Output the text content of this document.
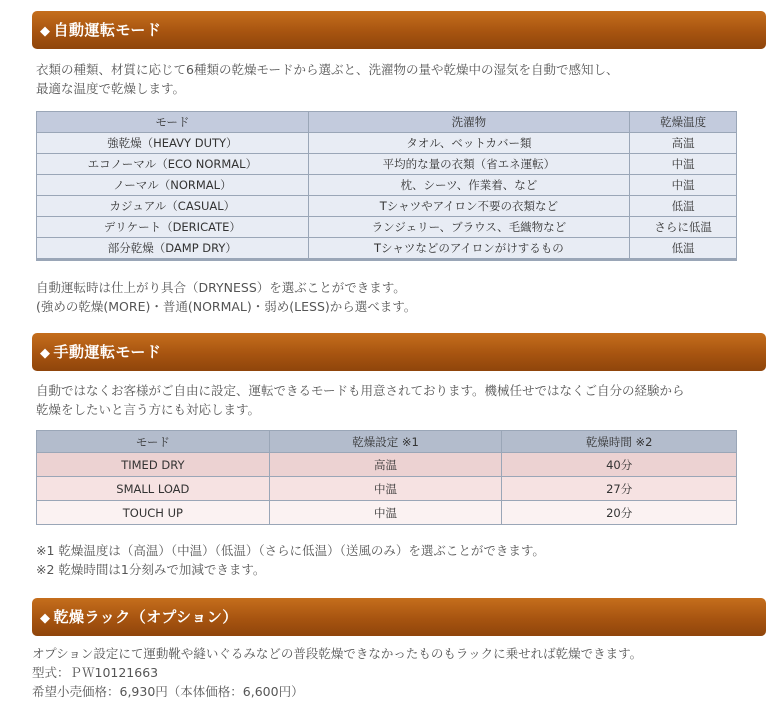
◆ 自動運転モード

衣類の種類、材質に応じて6種類の乾燥モードから選ぶと、洗濯物の量や乾燥中の湿気を自動で感知し、

最適な温度で乾燥します。

モード	洗濯物	乾燥温度
強乾燥（HEAVY DUTY）	タオル、ベットカバー類	高温
エコノーマル（ECO NORMAL）	平均的な量の衣類（省エネ運転）	中温
ノーマル（NORMAL）	枕、シーツ、作業着、など	中温
カジュアル（CASUAL）	Tシャツやアイロン不要の衣類など	低温
デリケート（DERICATE）	ランジェリー、ブラウス、毛織物など	さらに低温
部分乾燥（DAMP DRY）	Tシャツなどのアイロンがけするもの	低温

自動運転時は仕上がり具合（DRYNESS）を選ぶことができます。

(強めの乾燥(MORE)・普通(NORMAL)・弱め(LESS)から選べます。

◆ 手動運転モード

自動ではなくお客様がご自由に設定、運転できるモードも用意されております。機械任せではなくご自分の経験から

乾燥をしたいと言う方にも対応します。

モード	乾燥設定 ※1	乾燥時間 ※2
TIMED DRY	高温	40分
SMALL LOAD	中温	27分
TOUCH UP	中温	20分

※1 乾燥温度は（高温）（中温）（低温）（さらに低温）（送風のみ）を選ぶことができます。

※2 乾燥時間は1分刻みで加減できます。

◆ 乾燥ラック（オプション）

オプション設定にて運動靴や縫いぐるみなどの普段乾燥できなかったものもラックに乗せれば乾燥できます。

型式：ＰＷ10121663

希望小売価格：6,930円（本体価格：6,600円）
